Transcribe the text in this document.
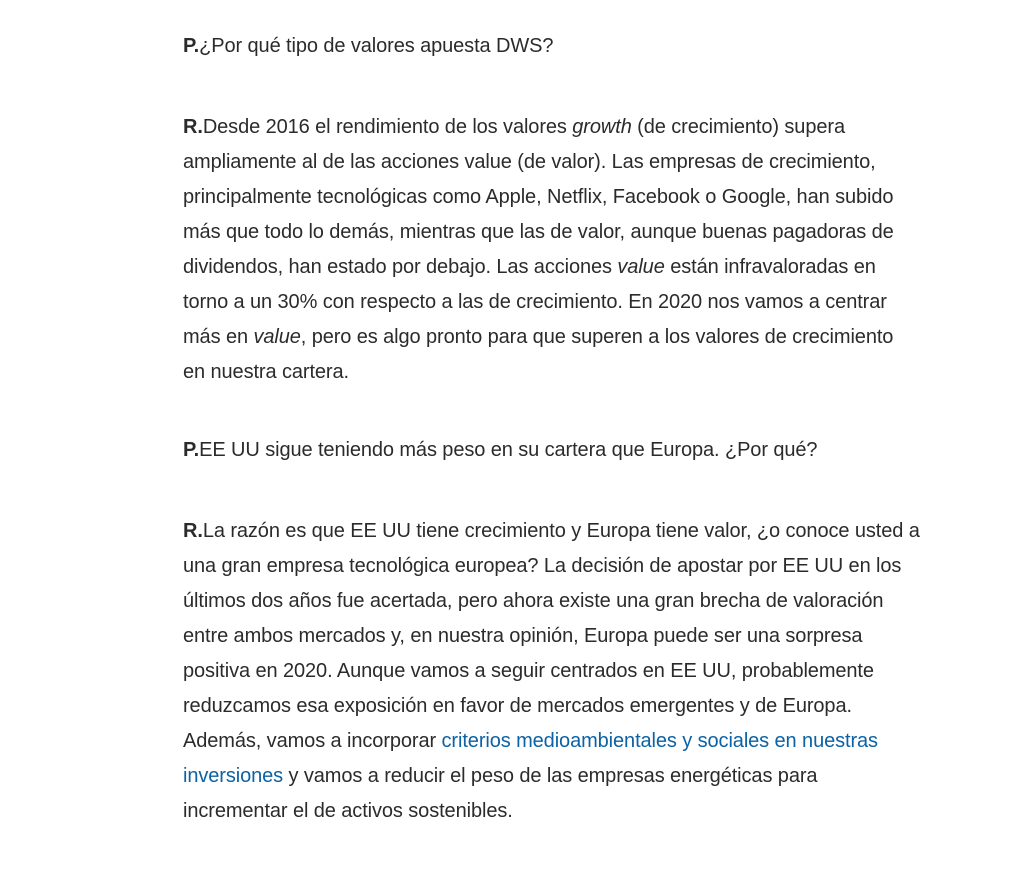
P.¿Por qué tipo de valores apuesta DWS?

R.Desde 2016 el rendimiento de los valores growth (de crecimiento) supera
ampliamente al de las acciones value (de valor). Las empresas de crecimiento,
principalmente tecnológicas como Apple, Netflix, Facebook o Google, han subido
más que todo lo demás, mientras que las de valor, aunque buenas pagadoras de
dividendos, han estado por debajo. Las acciones value están infravaloradas en
torno a un 30% con respecto a las de crecimiento. En 2020 nos vamos a centrar
más en value, pero es algo pronto para que superen a los valores de crecimiento
en nuestra cartera.

P.EE UU sigue teniendo más peso en su cartera que Europa. ¿Por qué?

R.La razón es que EE UU tiene crecimiento y Europa tiene valor, ¿o conoce usted a
una gran empresa tecnológica europea? La decisión de apostar por EE UU en los
últimos dos años fue acertada, pero ahora existe una gran brecha de valoración
entre ambos mercados y, en nuestra opinión, Europa puede ser una sorpresa
positiva en 2020. Aunque vamos a seguir centrados en EE UU, probablemente
reduzcamos esa exposición en favor de mercados emergentes y de Europa.
Además, vamos a incorporar criterios medioambientales y sociales en nuestras
inversiones y vamos a reducir el peso de las empresas energéticas para
incrementar el de activos sostenibles.
